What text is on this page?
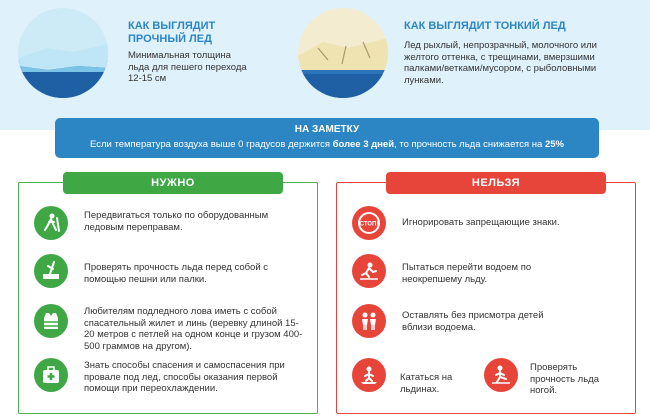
КАК ВЫГЛЯДИТ
ПРОЧНЫЙ ЛЕД
Минимальная толщина льда для пешего перехода 12-15 см
КАК ВЫГЛЯДИТ ТОНКИЙ ЛЕД
Лед рыхлый, непрозрачный, молочного или желтого оттенка, с трещинами, вмерзшими палками/ветками/мусором, с рыболовными лунками.
НА ЗАМЕТКУ
Если температура воздуха выше 0 градусов держится более 3 дней, то прочность льда снижается на 25%
НУЖНО	НЕЛЬЗЯ
Передвигаться только по оборудованным ледовым переправам.
Проверять прочность льда перед собой с помощью пешни или палки.
Любителям подледного лова иметь с собой спасательный жилет и линь (веревку длиной 15-20 метров с петлей на одном конце и грузом 400-500 граммов на другом).
Знать способы спасения и самоспасения при провале под лед, способы оказания первой помощи при переохлаждении.
СТОП! Игнорировать запрещающие знаки.
Пытаться перейти водоем по неокрепшему льду.
Оставлять без присмотра детей вблизи водоема.
Кататься на льдинах.
Проверять прочность льда ногой.
